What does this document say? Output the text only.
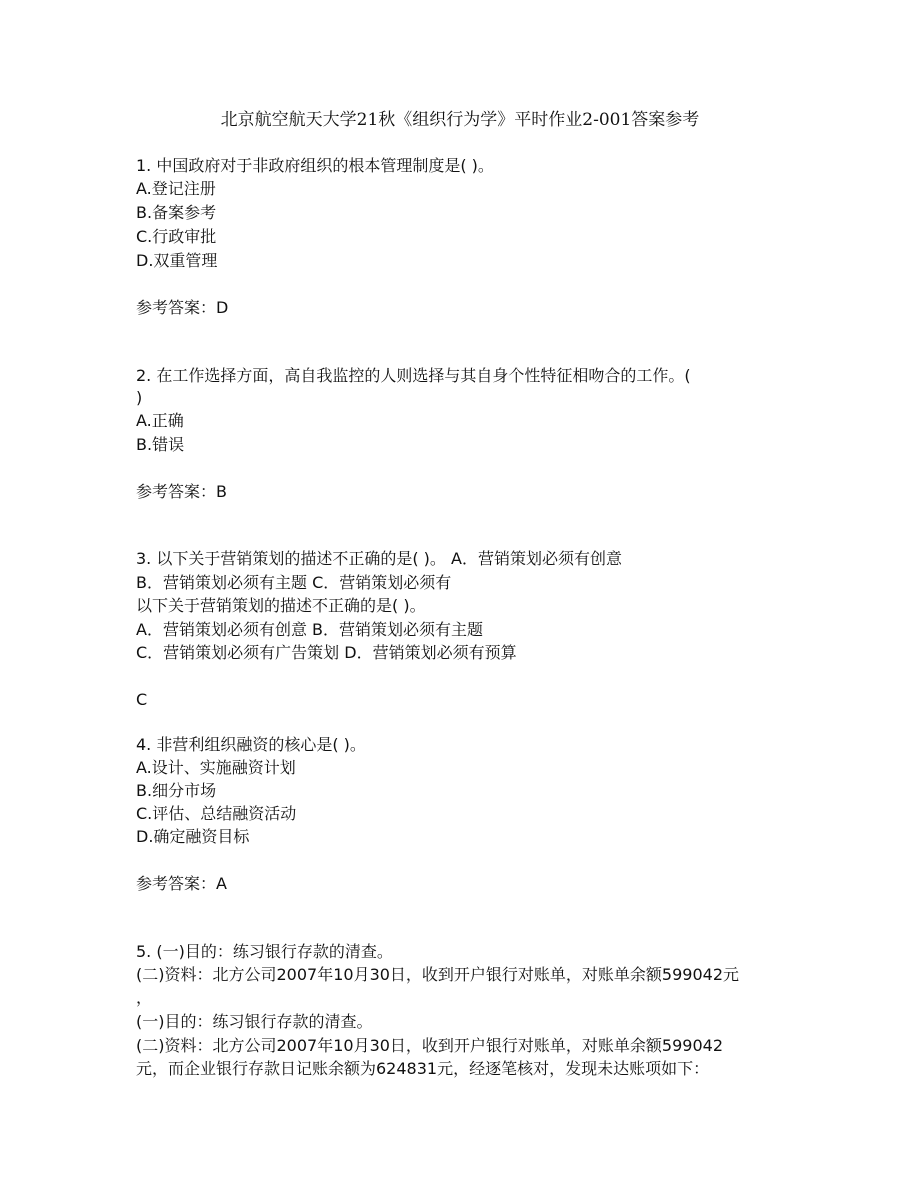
北京航空航天大学21秋《组织行为学》平时作业2-001答案参考
1. 中国政府对于非政府组织的根本管理制度是( )。
A.登记注册
B.备案参考
C.行政审批
D.双重管理
参考答案：D
2. 在工作选择方面，高自我监控的人则选择与其自身个性特征相吻合的工作。(
)
A.正确
B.错误
参考答案：B
3. 以下关于营销策划的描述不正确的是( )。 A．营销策划必须有创意
B．营销策划必须有主题 C．营销策划必须有
以下关于营销策划的描述不正确的是( )。
A．营销策划必须有创意 B．营销策划必须有主题
C．营销策划必须有广告策划 D．营销策划必须有预算
C
4. 非营利组织融资的核心是( )。
A.设计、实施融资计划
B.细分市场
C.评估、总结融资活动
D.确定融资目标
参考答案：A
5. (一)目的：练习银行存款的清查。
(二)资料：北方公司2007年10月30日，收到开户银行对账单，对账单余额599042元
，
(一)目的：练习银行存款的清查。
(二)资料：北方公司2007年10月30日，收到开户银行对账单，对账单余额599042
元，而企业银行存款日记账余额为624831元，经逐笔核对，发现未达账项如下：
